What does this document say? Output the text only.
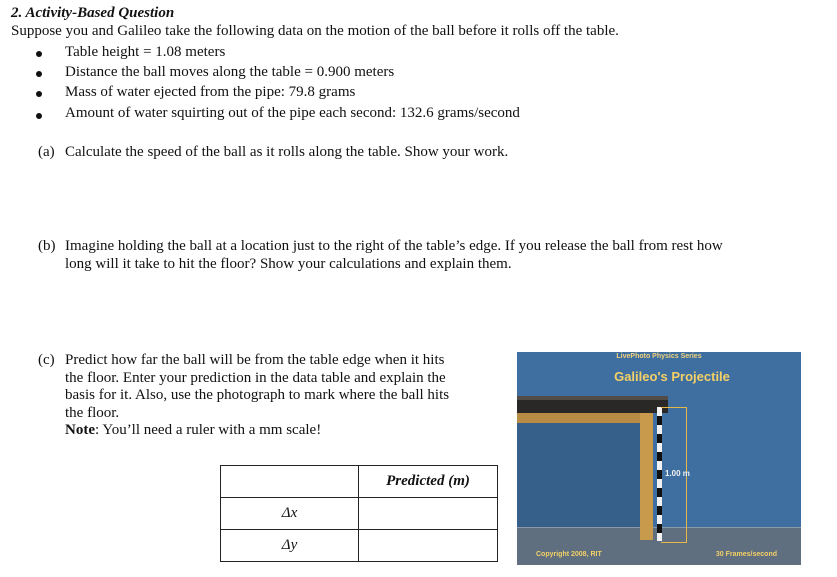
2. Activity-Based Question
Suppose you and Galileo take the following data on the motion of the ball before it rolls off the table.
Table height = 1.08 meters
Distance the ball moves along the table = 0.900 meters
Mass of water ejected from the pipe: 79.8 grams
Amount of water squirting out of the pipe each second: 132.6 grams/second
(a) Calculate the speed of the ball as it rolls along the table. Show your work.
(b) Imagine holding the ball at a location just to the right of the table’s edge. If you release the ball from rest how
long will it take to hit the floor? Show your calculations and explain them.
(c) Predict how far the ball will be from the table edge when it hits
the floor. Enter your prediction in the data table and explain the
basis for it. Also, use the photograph to mark where the ball hits
the floor.
Note: You’ll need a ruler with a mm scale!
	Predicted (m)
Δx	
Δy	
LivePhoto Physics Series
Galileo's Projectile
1.00 m
Copyright 2008, RIT	30 Frames/second
